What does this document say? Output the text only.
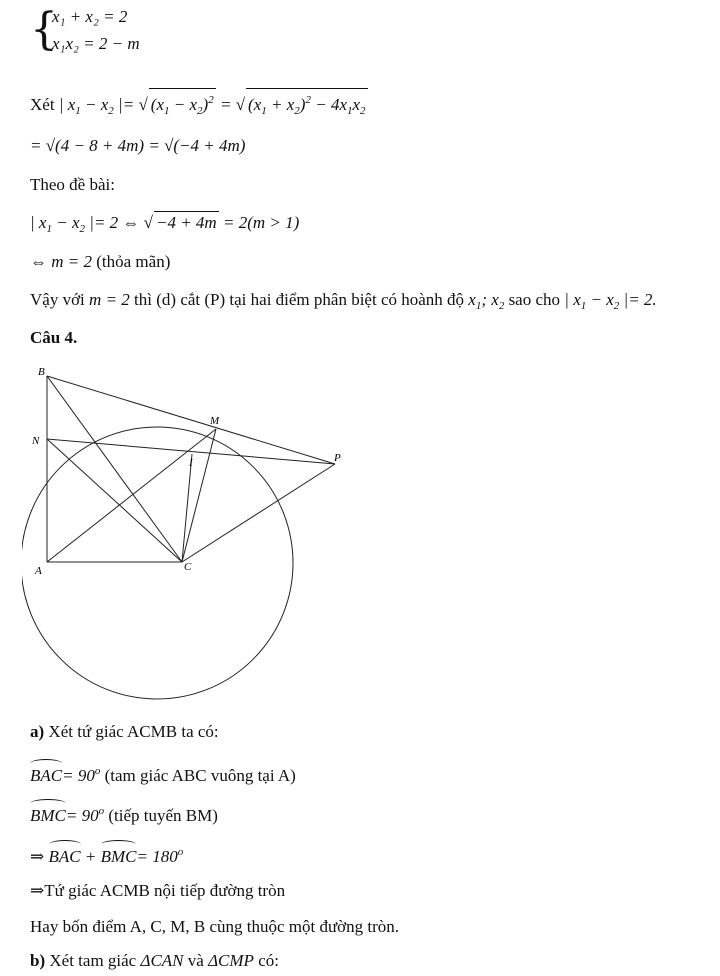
{
x₁ + x₂ = 2
x₁x₂ = 2 − m
Xét | $x_1 - x_2$ |= √ $(x_1 - x_2)^2$ = √ $(x_1 + x_2)^2 - 4x_1x_2$
= √(4 − 8 + 4m) = √(−4 + 4m)
Theo đề bài:
| $x_1 - x_2$ |= 2 ⇔ √ −4 + 4m = 2(m > 1)
⇔ m = 2 (thỏa mãn)
Vậy với m = 2 thì (d) cắt (P) tại hai điểm phân biệt có hoành độ $x_1$; $x_2$ sao cho | $x_1 - x_2$ |= 2.
Câu 4.
B
N
A	C
M
I	P
a) Xét tứ giác ACMB ta có:
$BAC= 90^o$ (tam giác ABC vuông tại A)
$BMC= 90^o$ (tiếp tuyến BM)
⇒ BAC + $BMC= 180^o$
⇒Tứ giác ACMB nội tiếp đường tròn
Hay bốn điểm A, C, M, B cùng thuộc một đường tròn.
b) Xét tam giác ΔCAN và ΔCMP có:
